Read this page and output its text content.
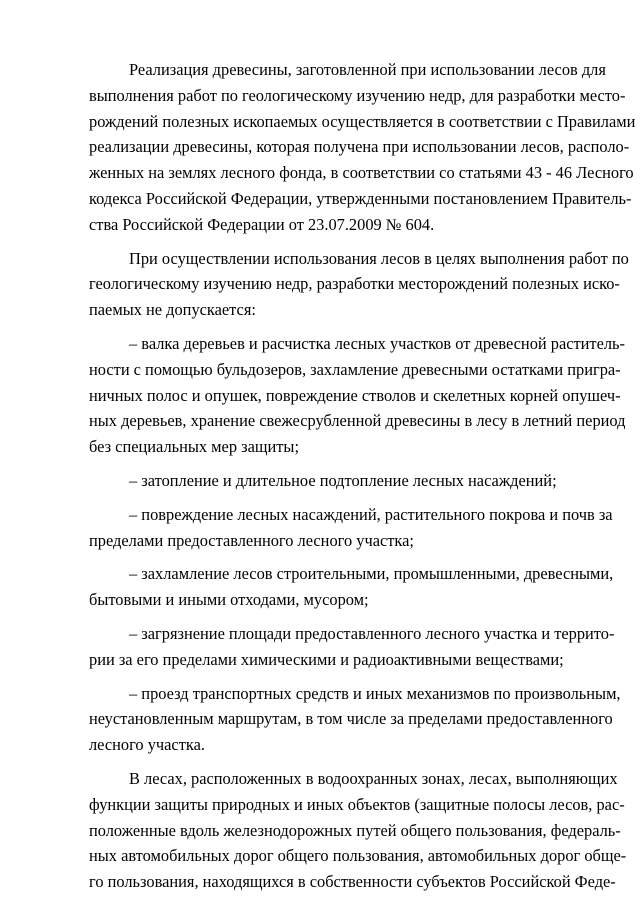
Реализация древесины, заготовленной при использовании лесов для
выполнения работ по геологическому изучению недр, для разработки место-
рождений полезных ископаемых осуществляется в соответствии с Правилами
реализации древесины, которая получена при использовании лесов, располо-
женных на землях лесного фонда, в соответствии со статьями 43 - 46 Лесного
кодекса Российской Федерации, утвержденными постановлением Правитель-
ства Российской Федерации от 23.07.2009 № 604.

При осуществлении использования лесов в целях выполнения работ по
геологическому изучению недр, разработки месторождений полезных иско-
паемых не допускается:

– валка деревьев и расчистка лесных участков от древесной раститель-
ности с помощью бульдозеров, захламление древесными остатками пригра-
ничных полос и опушек, повреждение стволов и скелетных корней опушеч-
ных деревьев, хранение свежесрубленной древесины в лесу в летний период
без специальных мер защиты;

– затопление и длительное подтопление лесных насаждений;

– повреждение лесных насаждений, растительного покрова и почв за
пределами предоставленного лесного участка;

– захламление лесов строительными, промышленными, древесными,
бытовыми и иными отходами, мусором;

– загрязнение площади предоставленного лесного участка и террито-
рии за его пределами химическими и радиоактивными веществами;

– проезд транспортных средств и иных механизмов по произвольным,
неустановленным маршрутам, в том числе за пределами предоставленного
лесного участка.

В лесах, расположенных в водоохранных зонах, лесах, выполняющих
функции защиты природных и иных объектов (защитные полосы лесов, рас-
положенные вдоль железнодорожных путей общего пользования, федераль-
ных автомобильных дорог общего пользования, автомобильных дорог обще-
го пользования, находящихся в собственности субъектов Российской Феде-
